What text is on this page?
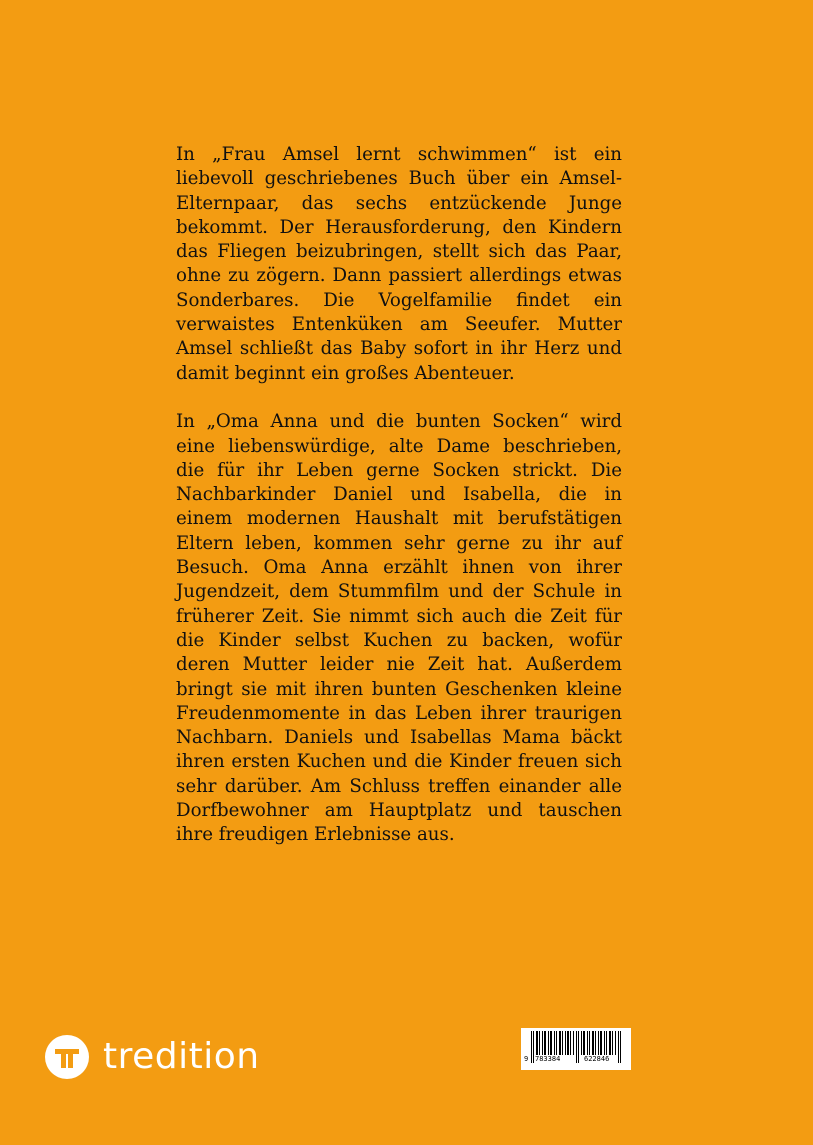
In „Frau Amsel lernt schwimmen“ ist ein liebevoll geschriebenes Buch über ein Amsel-Elternpaar, das sechs entzückende Junge bekommt. Der Herausforderung, den Kindern das Fliegen beizubringen, stellt sich das Paar, ohne zu zögern. Dann passiert allerdings etwas Sonderbares. Die Vogelfamilie findet ein verwaistes Entenküken am Seeufer. Mutter Amsel schließt das Baby sofort in ihr Herz und damit beginnt ein großes Abenteuer.

In „Oma Anna und die bunten Socken“ wird eine liebenswürdige, alte Dame beschrieben, die für ihr Leben gerne Socken strickt. Die Nachbarkinder Daniel und Isabella, die in einem modernen Haushalt mit berufstätigen Eltern leben, kommen sehr gerne zu ihr auf Besuch. Oma Anna erzählt ihnen von ihrer Jugendzeit, dem Stummfilm und der Schule in früherer Zeit. Sie nimmt sich auch die Zeit für die Kinder selbst Kuchen zu backen, wofür deren Mutter leider nie Zeit hat. Außerdem bringt sie mit ihren bunten Geschenken kleine Freudenmomente in das Leben ihrer traurigen Nachbarn. Daniels und Isabellas Mama bäckt ihren ersten Kuchen und die Kinder freuen sich sehr darüber. Am Schluss treffen einander alle Dorfbewohner am Hauptplatz und tauschen ihre freudigen Erlebnisse aus.

tredition	9 783384	622846
